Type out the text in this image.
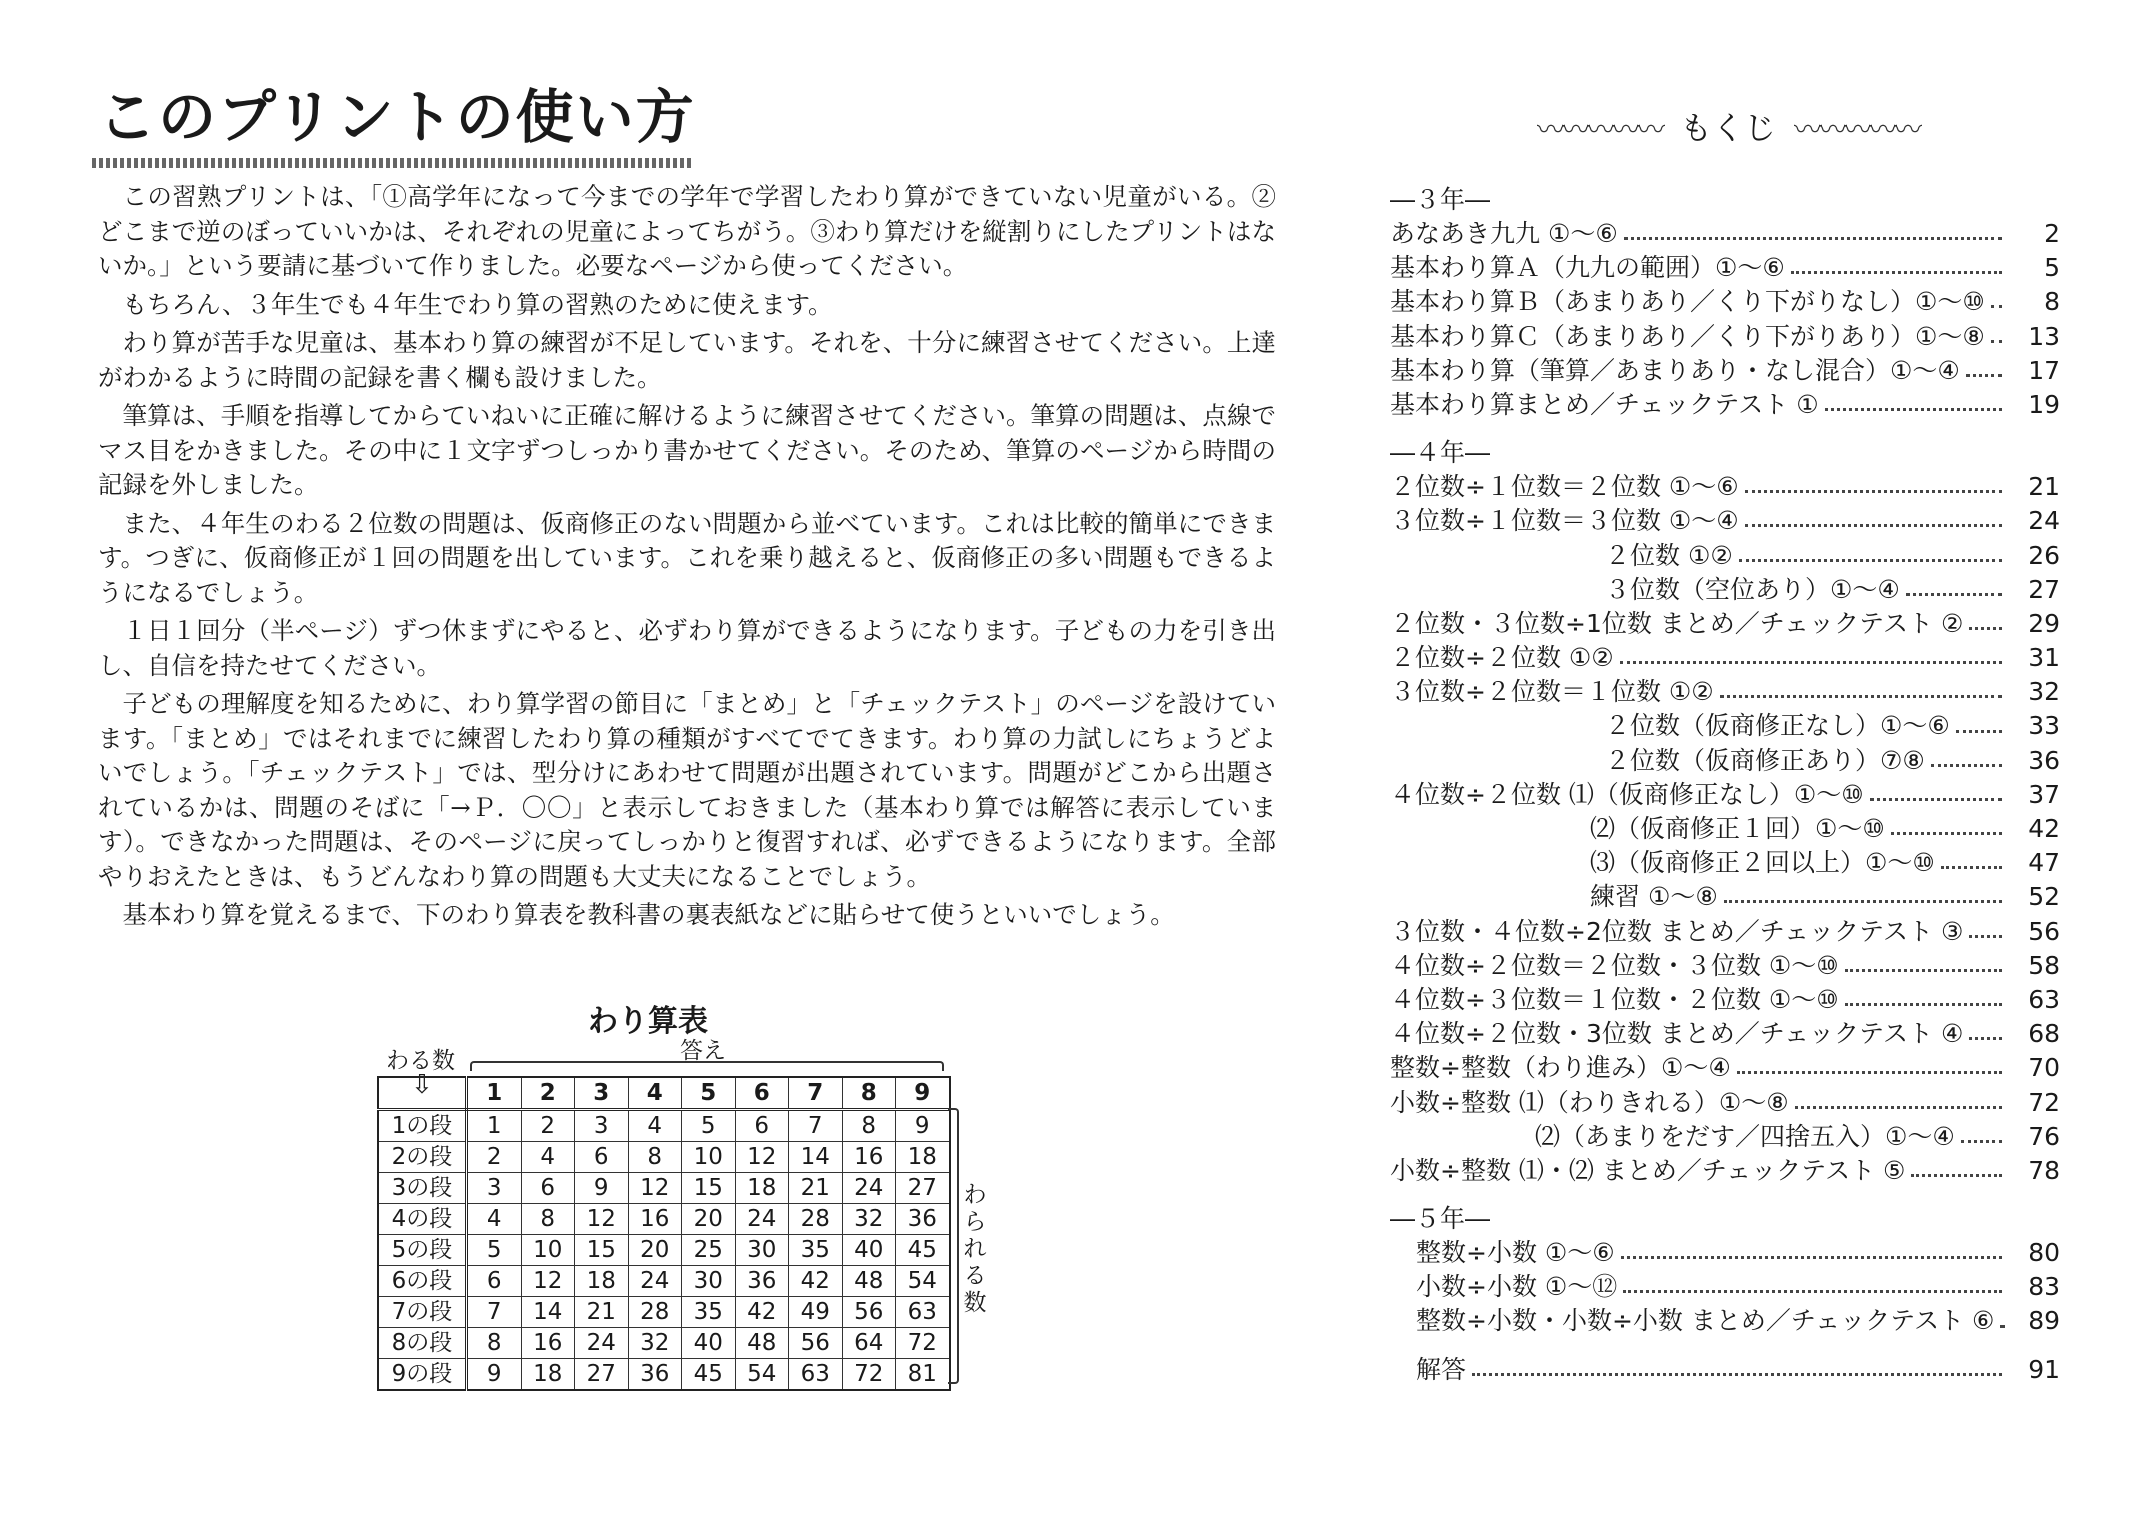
このプリントの使い方

この習熟プリントは、「①高学年になって今までの学年で学習したわり算ができていない児童がいる。②どこまで逆のぼっていいかは、それぞれの児童によってちがう。③わり算だけを縦割りにしたプリントはないか。」という要請に基づいて作りました。必要なページから使ってください。

もちろん、３年生でも４年生でわり算の習熟のために使えます。

わり算が苦手な児童は、基本わり算の練習が不足しています。それを、十分に練習させてください。上達がわかるように時間の記録を書く欄も設けました。

筆算は、手順を指導してからていねいに正確に解けるように練習させてください。筆算の問題は、点線でマス目をかきました。その中に１文字ずつしっかり書かせてください。そのため、筆算のページから時間の記録を外しました。

また、４年生のわる２位数の問題は、仮商修正のない問題から並べています。これは比較的簡単にできます。つぎに、仮商修正が１回の問題を出しています。これを乗り越えると、仮商修正の多い問題もできるようになるでしょう。

１日１回分（半ページ）ずつ休まずにやると、必ずわり算ができるようになります。子どもの力を引き出し、自信を持たせてください。

子どもの理解度を知るために、わり算学習の節目に「まとめ」と「チェックテスト」のページを設けています。「まとめ」ではそれまでに練習したわり算の種類がすべてでてきます。わり算の力試しにちょうどよいでしょう。「チェックテスト」では、型分けにあわせて問題が出題されています。問題がどこから出題されているかは、問題のそばに「→Ｐ．〇〇」と表示しておきました（基本わり算では解答に表示しています）。できなかった問題は、そのページに戻ってしっかりと復習すれば、必ずできるようになります。全部やりおえたときは、もうどんなわり算の問題も大丈夫になることでしょう。

基本わり算を覚えるまで、下のわり算表を教科書の裏表紙などに貼らせて使うといいでしょう。

わり算表
わる数
⇩
答え
	1	2	3	4	5	6	7	8	9
1の段	1	2	3	4	5	6	7	8	9
2の段	2	4	6	8	10	12	14	16	18
3の段	3	6	9	12	15	18	21	24	27
4の段	4	8	12	16	20	24	28	32	36
5の段	5	10	15	20	25	30	35	40	45
6の段	6	12	18	24	30	36	42	48	54
7の段	7	14	21	28	35	42	49	56	63
8の段	8	16	24	32	40	48	56	64	72
9の段	9	18	27	36	45	54	63	72	81
わられる数
〰〰〰〰〰 もくじ 〰〰〰〰〰
―３年―
あなあき九九 ①〜⑥	2
基本わり算Ａ（九九の範囲）①〜⑥	5
基本わり算Ｂ（あまりあり／くり下がりなし）①〜⑩	8
基本わり算Ｃ（あまりあり／くり下がりあり）①〜⑧	13
基本わり算（筆算／あまりあり・なし混合）①〜④	17
基本わり算まとめ／チェックテスト ①	19
―４年―
２位数÷１位数＝２位数 ①〜⑥	21
３位数÷１位数＝３位数 ①〜④	24
２位数 ①②	26
３位数（空位あり）①〜④	27
２位数・３位数÷1位数 まとめ／チェックテスト ②	29
２位数÷２位数 ①②	31
３位数÷２位数＝１位数 ①②	32
２位数（仮商修正なし）①〜⑥	33
２位数（仮商修正あり）⑦⑧	36
４位数÷２位数 ⑴（仮商修正なし）①〜⑩	37
⑵（仮商修正１回）①〜⑩	42
⑶（仮商修正２回以上）①〜⑩	47
練習 ①〜⑧	52
３位数・４位数÷2位数 まとめ／チェックテスト ③	56
４位数÷２位数＝２位数・３位数 ①〜⑩	58
４位数÷３位数＝１位数・２位数 ①〜⑩	63
４位数÷２位数・3位数 まとめ／チェックテスト ④	68
整数÷整数（わり進み）①〜④	70
小数÷整数 ⑴（わりきれる）①〜⑧	72
⑵（あまりをだす／四捨五入）①〜④	76
小数÷整数 ⑴・⑵ まとめ／チェックテスト ⑤	78
―５年―
整数÷小数 ①〜⑥	80
小数÷小数 ①〜⑫	83
整数÷小数・小数÷小数 まとめ／チェックテスト ⑥	89
解答	91
